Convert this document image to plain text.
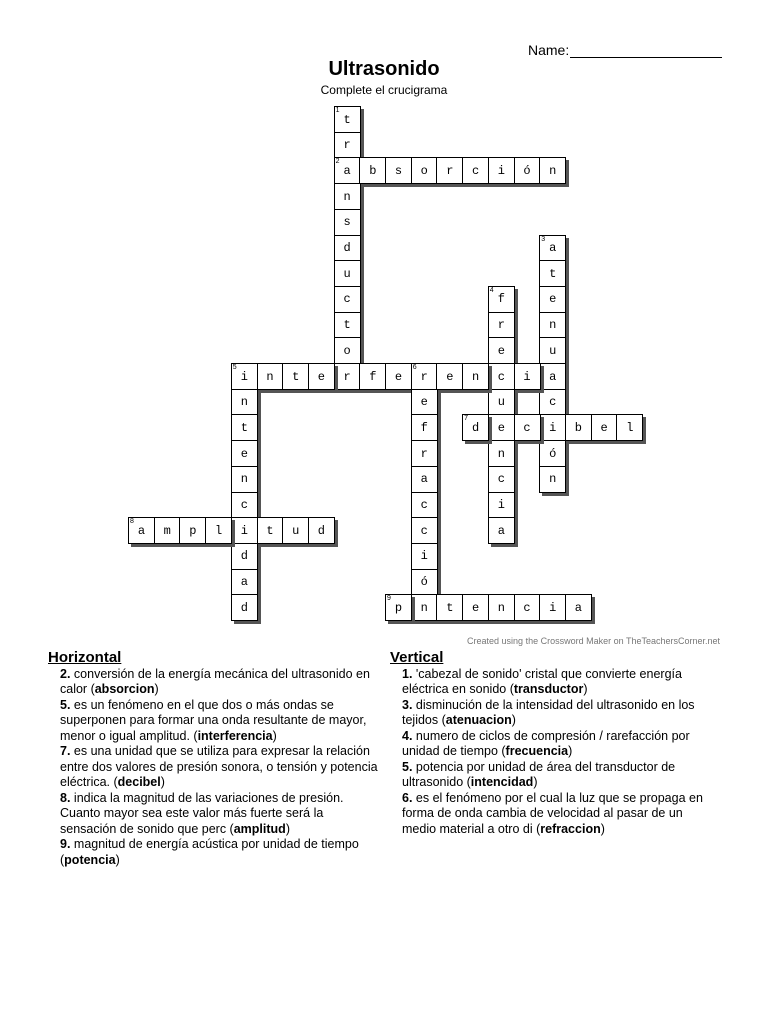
Name:
Ultrasonido
Complete el crucigrama
t
1
r
a
2
n
s
d
u
c
t
o
r
b s o r c i ó n
a
3
t
e
n
u
a
c
i
ó
n
f
4
r
e
c
u
e
n
c
i
a
i
5
n t e	f e r
6
e n	i
n
t
e
n
c
i
d
a
d
e
f
r
a
c
c
i
ó
n
d
7
c	b e l
a
8
m p l	t u d
p
9
t e n c i a
Created using the Crossword Maker on TheTeachersCorner.net
Horizontal
2. conversión de la energía mecánica del ultrasonido en calor (absorcion)
5. es un fenómeno en el que dos o más ondas se superponen para formar una onda resultante de mayor, menor o igual amplitud. (interferencia)
7. es una unidad que se utiliza para expresar la relación entre dos valores de presión sonora, o tensión y potencia eléctrica. (decibel)
8. indica la magnitud de las variaciones de presión. Cuanto mayor sea este valor más fuerte será la sensación de sonido que perc (amplitud)
9. magnitud de energía acústica por unidad de tiempo (potencia)
Vertical
1. 'cabezal de sonido' cristal que convierte energía eléctrica en sonido (transductor)
3. disminución de la intensidad del ultrasonido en los tejidos (atenuacion)
4. numero de ciclos de compresión / rarefacción por unidad de tiempo (frecuencia)
5. potencia por unidad de área del transductor de ultrasonido (intencidad)
6. es el fenómeno por el cual la luz que se propaga en forma de onda cambia de velocidad al pasar de un medio material a otro di (refraccion)
